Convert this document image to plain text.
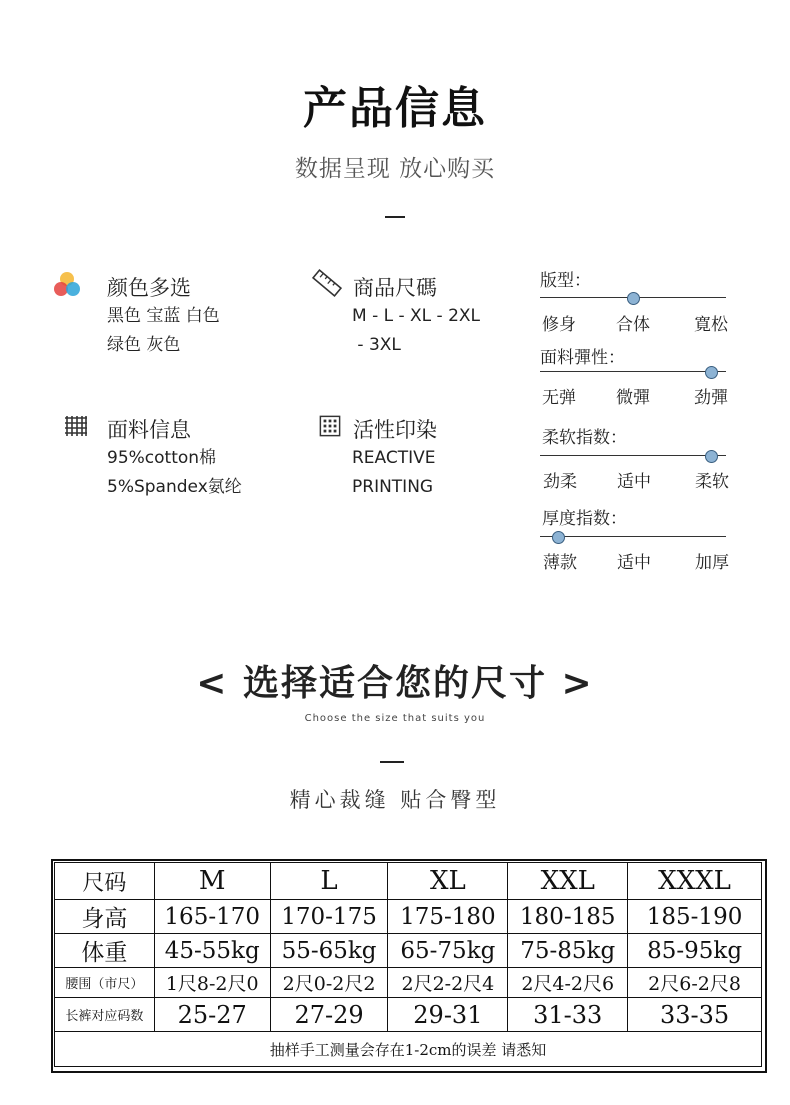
产品信息
数据呈现 放心购买
颜色多选
黑色 宝蓝 白色
绿色 灰色
商品尺碼
M - L - XL - 2XL
- 3XL
面料信息
95%cotton棉
5%Spandex氨纶
活性印染
REACTIVE
PRINTING
版型：
修身 合体	寛松
面料彈性：
无弹 微彈	劲彈
柔软指数：
劲柔 适中	柔软
厚度指数：
薄款 适中	加厚
< 选择适合您的尺寸 >
Choose the size that suits you
精心裁缝 贴合臀型
尺码	M	L	XL	XXL	XXXL
身高	165-170	170-175	175-180	180-185	185-190
体重	45-55kg	55-65kg	65-75kg	75-85kg	85-95kg
腰围（市尺）	1尺8-2尺0	2尺0-2尺2	2尺2-2尺4	2尺4-2尺6	2尺6-2尺8
长裤对应码数	25-27	27-29	29-31	31-33	33-35
抽样手工测量会存在1-2cm的误差 请悉知					
